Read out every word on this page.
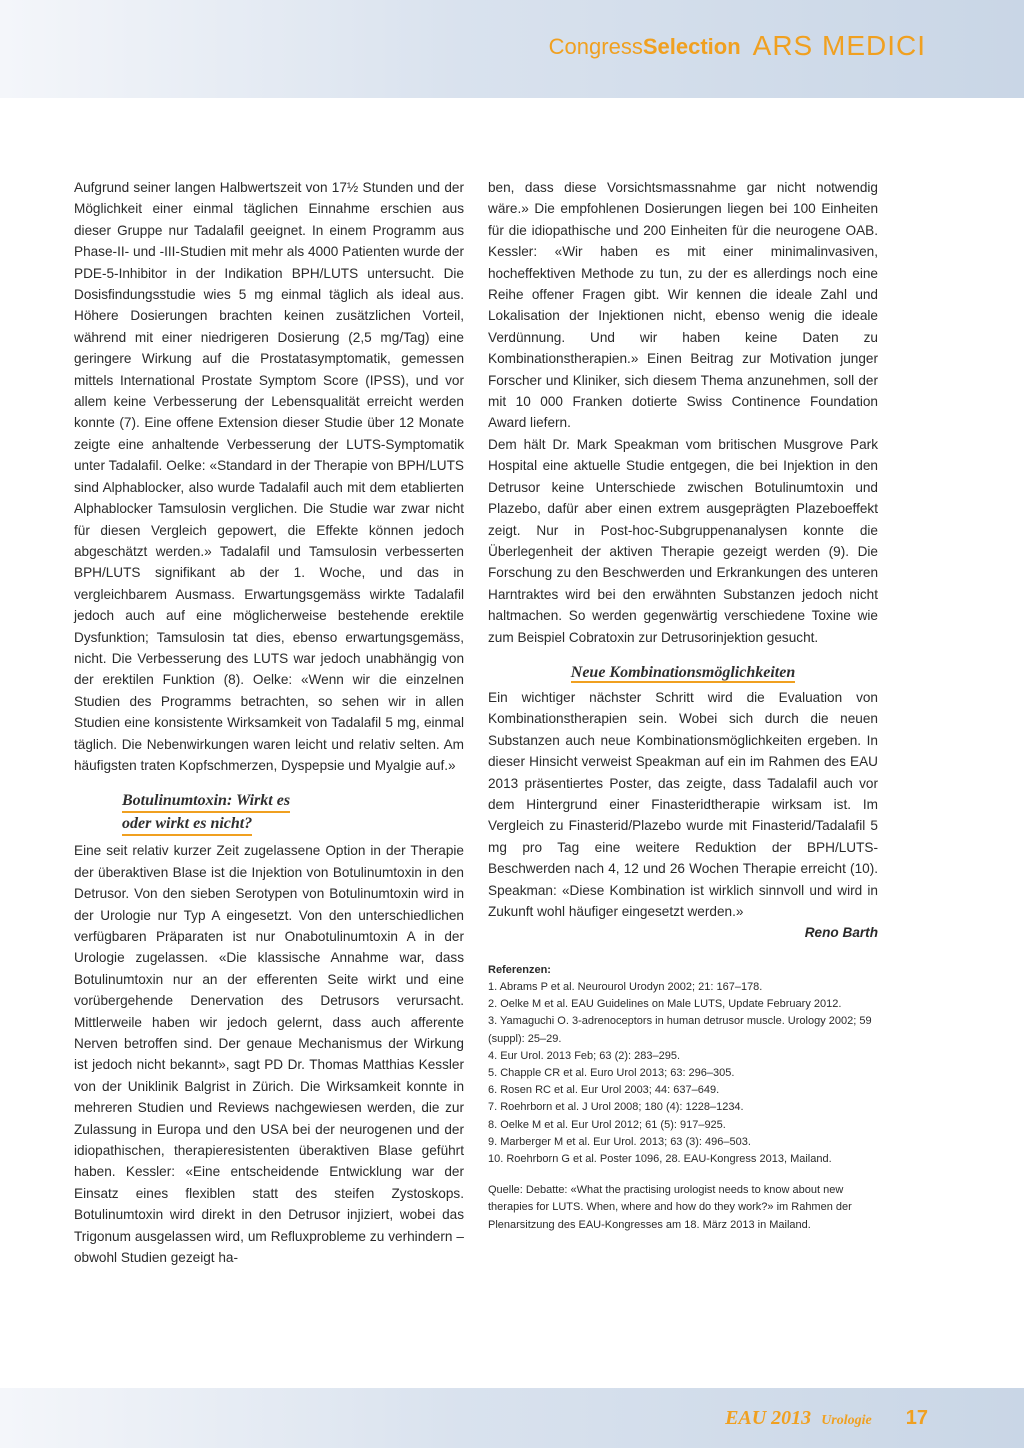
CongressSelection ARS MEDICI

Aufgrund seiner langen Halbwertszeit von 17½ Stunden und der Möglichkeit einer einmal täglichen Einnahme erschien aus dieser Gruppe nur Tadalafil geeignet. In einem Programm aus Phase-II- und -III-Studien mit mehr als 4000 Patienten wurde der PDE-5-Inhibitor in der Indikation BPH/LUTS untersucht. Die Dosisfindungsstudie wies 5 mg einmal täglich als ideal aus. Höhere Dosierungen brachten keinen zusätzlichen Vorteil, während mit einer niedrigeren Dosierung (2,5 mg/Tag) eine geringere Wirkung auf die Prostatasymptomatik, gemessen mittels International Prostate Symptom Score (IPSS), und vor allem keine Verbesserung der Lebensqualität erreicht werden konnte (7). Eine offene Extension dieser Studie über 12 Monate zeigte eine anhaltende Verbesserung der LUTS-Symptomatik unter Tadalafil. Oelke: «Standard in der Therapie von BPH/LUTS sind Alphablocker, also wurde Tadalafil auch mit dem etablierten Alphablocker Tamsulosin verglichen. Die Studie war zwar nicht für diesen Vergleich gepowert, die Effekte können jedoch abgeschätzt werden.» Tadalafil und Tamsulosin verbesserten BPH/LUTS signifikant ab der 1. Woche, und das in vergleichbarem Ausmass. Erwartungsgemäss wirkte Tadalafil jedoch auch auf eine möglicherweise bestehende erektile Dysfunktion; Tamsulosin tat dies, ebenso erwartungsgemäss, nicht. Die Verbesserung des LUTS war jedoch unabhängig von der erektilen Funktion (8). Oelke: «Wenn wir die einzelnen Studien des Programms betrachten, so sehen wir in allen Studien eine konsistente Wirksamkeit von Tadalafil 5 mg, einmal täglich. Die Nebenwirkungen waren leicht und relativ selten. Am häufigsten traten Kopfschmerzen, Dyspepsie und Myalgie auf.»

Botulinumtoxin: Wirkt es
oder wirkt es nicht?

Eine seit relativ kurzer Zeit zugelassene Option in der Therapie der überaktiven Blase ist die Injektion von Botulinumtoxin in den Detrusor. Von den sieben Serotypen von Botulinumtoxin wird in der Urologie nur Typ A eingesetzt. Von den unterschiedlichen verfügbaren Präparaten ist nur Onabotulinumtoxin A in der Urologie zugelassen. «Die klassische Annahme war, dass Botulinumtoxin nur an der efferenten Seite wirkt und eine vorübergehende Denervation des Detrusors verursacht. Mittlerweile haben wir jedoch gelernt, dass auch afferente Nerven betroffen sind. Der genaue Mechanismus der Wirkung ist jedoch nicht bekannt», sagt PD Dr. Thomas Matthias Kessler von der Uniklinik Balgrist in Zürich. Die Wirksamkeit konnte in mehreren Studien und Reviews nachgewiesen werden, die zur Zulassung in Europa und den USA bei der neurogenen und der idiopathischen, therapieresistenten überaktiven Blase geführt haben. Kessler: «Eine entscheidende Entwicklung war der Einsatz eines flexiblen statt des steifen Zystoskops. Botulinumtoxin wird direkt in den Detrusor injiziert, wobei das Trigonum ausgelassen wird, um Refluxprobleme zu verhindern – obwohl Studien gezeigt ha-

ben, dass diese Vorsichtsmassnahme gar nicht notwendig wäre.» Die empfohlenen Dosierungen liegen bei 100 Einheiten für die idiopathische und 200 Einheiten für die neurogene OAB. Kessler: «Wir haben es mit einer minimalinvasiven, hocheffektiven Methode zu tun, zu der es allerdings noch eine Reihe offener Fragen gibt. Wir kennen die ideale Zahl und Lokalisation der Injektionen nicht, ebenso wenig die ideale Verdünnung. Und wir haben keine Daten zu Kombinationstherapien.» Einen Beitrag zur Motivation junger Forscher und Kliniker, sich diesem Thema anzunehmen, soll der mit 10 000 Franken dotierte Swiss Continence Foundation Award liefern.

Dem hält Dr. Mark Speakman vom britischen Musgrove Park Hospital eine aktuelle Studie entgegen, die bei Injektion in den Detrusor keine Unterschiede zwischen Botulinumtoxin und Plazebo, dafür aber einen extrem ausgeprägten Plazeboeffekt zeigt. Nur in Post-hoc-Subgruppenanalysen konnte die Überlegenheit der aktiven Therapie gezeigt werden (9). Die Forschung zu den Beschwerden und Erkrankungen des unteren Harntraktes wird bei den erwähnten Substanzen jedoch nicht haltmachen. So werden gegenwärtig verschiedene Toxine wie zum Beispiel Cobratoxin zur Detrusorinjektion gesucht.

Neue Kombinationsmöglichkeiten

Ein wichtiger nächster Schritt wird die Evaluation von Kombinationstherapien sein. Wobei sich durch die neuen Substanzen auch neue Kombinationsmöglichkeiten ergeben. In dieser Hinsicht verweist Speakman auf ein im Rahmen des EAU 2013 präsentiertes Poster, das zeigte, dass Tadalafil auch vor dem Hintergrund einer Finasteridtherapie wirksam ist. Im Vergleich zu Finasterid/Plazebo wurde mit Finasterid/Tadalafil 5 mg pro Tag eine weitere Reduktion der BPH/LUTS-Beschwerden nach 4, 12 und 26 Wochen Therapie erreicht (10). Speakman: «Diese Kombination ist wirklich sinnvoll und wird in Zukunft wohl häufiger eingesetzt werden.»

Reno Barth

Referenzen:
1. Abrams P et al. Neurourol Urodyn 2002; 21: 167–178.
2. Oelke M et al. EAU Guidelines on Male LUTS, Update February 2012.
3. Yamaguchi O. 3-adrenoceptors in human detrusor muscle. Urology 2002; 59 (suppl): 25–29.
4. Eur Urol. 2013 Feb; 63 (2): 283–295.
5. Chapple CR et al. Euro Urol 2013; 63: 296–305.
6. Rosen RC et al. Eur Urol 2003; 44: 637–649.
7. Roehrborn et al. J Urol 2008; 180 (4): 1228–1234.
8. Oelke M et al. Eur Urol 2012; 61 (5): 917–925.
9. Marberger M et al. Eur Urol. 2013; 63 (3): 496–503.
10. Roehrborn G et al. Poster 1096, 28. EAU-Kongress 2013, Mailand.
Quelle: Debatte: «What the practising urologist needs to know about new therapies for LUTS. When, where and how do they work?» im Rahmen der Plenarsitzung des EAU-Kongresses am 18. März 2013 in Mailand.
EAU 2013 Urologie 17
